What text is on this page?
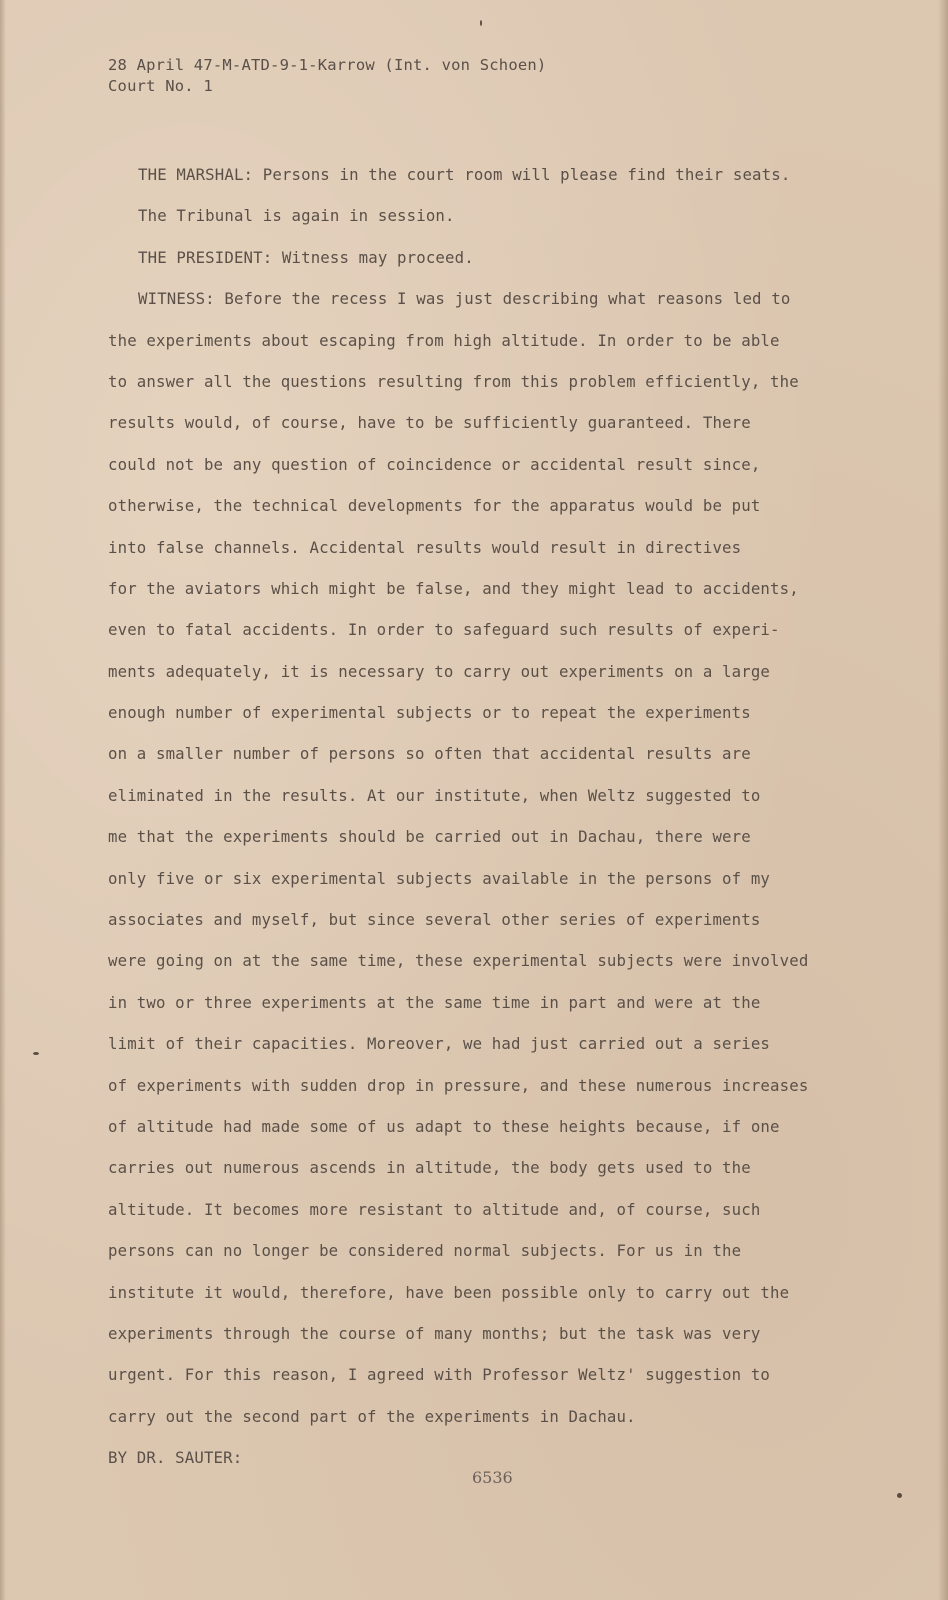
28 April 47-M-ATD-9-1-Karrow (Int. von Schoen)
Court No. 1
THE MARSHAL: Persons in the court room will please find their seats.
The Tribunal is again in session.
THE PRESIDENT: Witness may proceed.
WITNESS: Before the recess I was just describing what reasons led to
the experiments about escaping from high altitude. In order to be able
to answer all the questions resulting from this problem efficiently, the
results would, of course, have to be sufficiently guaranteed. There
could not be any question of coincidence or accidental result since,
otherwise, the technical developments for the apparatus would be put
into false channels. Accidental results would result in directives
for the aviators which might be false, and they might lead to accidents,
even to fatal accidents. In order to safeguard such results of experi-
ments adequately, it is necessary to carry out experiments on a large
enough number of experimental subjects or to repeat the experiments
on a smaller number of persons so often that accidental results are
eliminated in the results. At our institute, when Weltz suggested to
me that the experiments should be carried out in Dachau, there were
only five or six experimental subjects available in the persons of my
associates and myself, but since several other series of experiments
were going on at the same time, these experimental subjects were involved
in two or three experiments at the same time in part and were at the
limit of their capacities. Moreover, we had just carried out a series
of experiments with sudden drop in pressure, and these numerous increases
of altitude had made some of us adapt to these heights because, if one
carries out numerous ascends in altitude, the body gets used to the
altitude. It becomes more resistant to altitude and, of course, such
persons can no longer be considered normal subjects. For us in the
institute it would, therefore, have been possible only to carry out the
experiments through the course of many months; but the task was very
urgent. For this reason, I agreed with Professor Weltz' suggestion to
carry out the second part of the experiments in Dachau.
BY DR. SAUTER:
6536
